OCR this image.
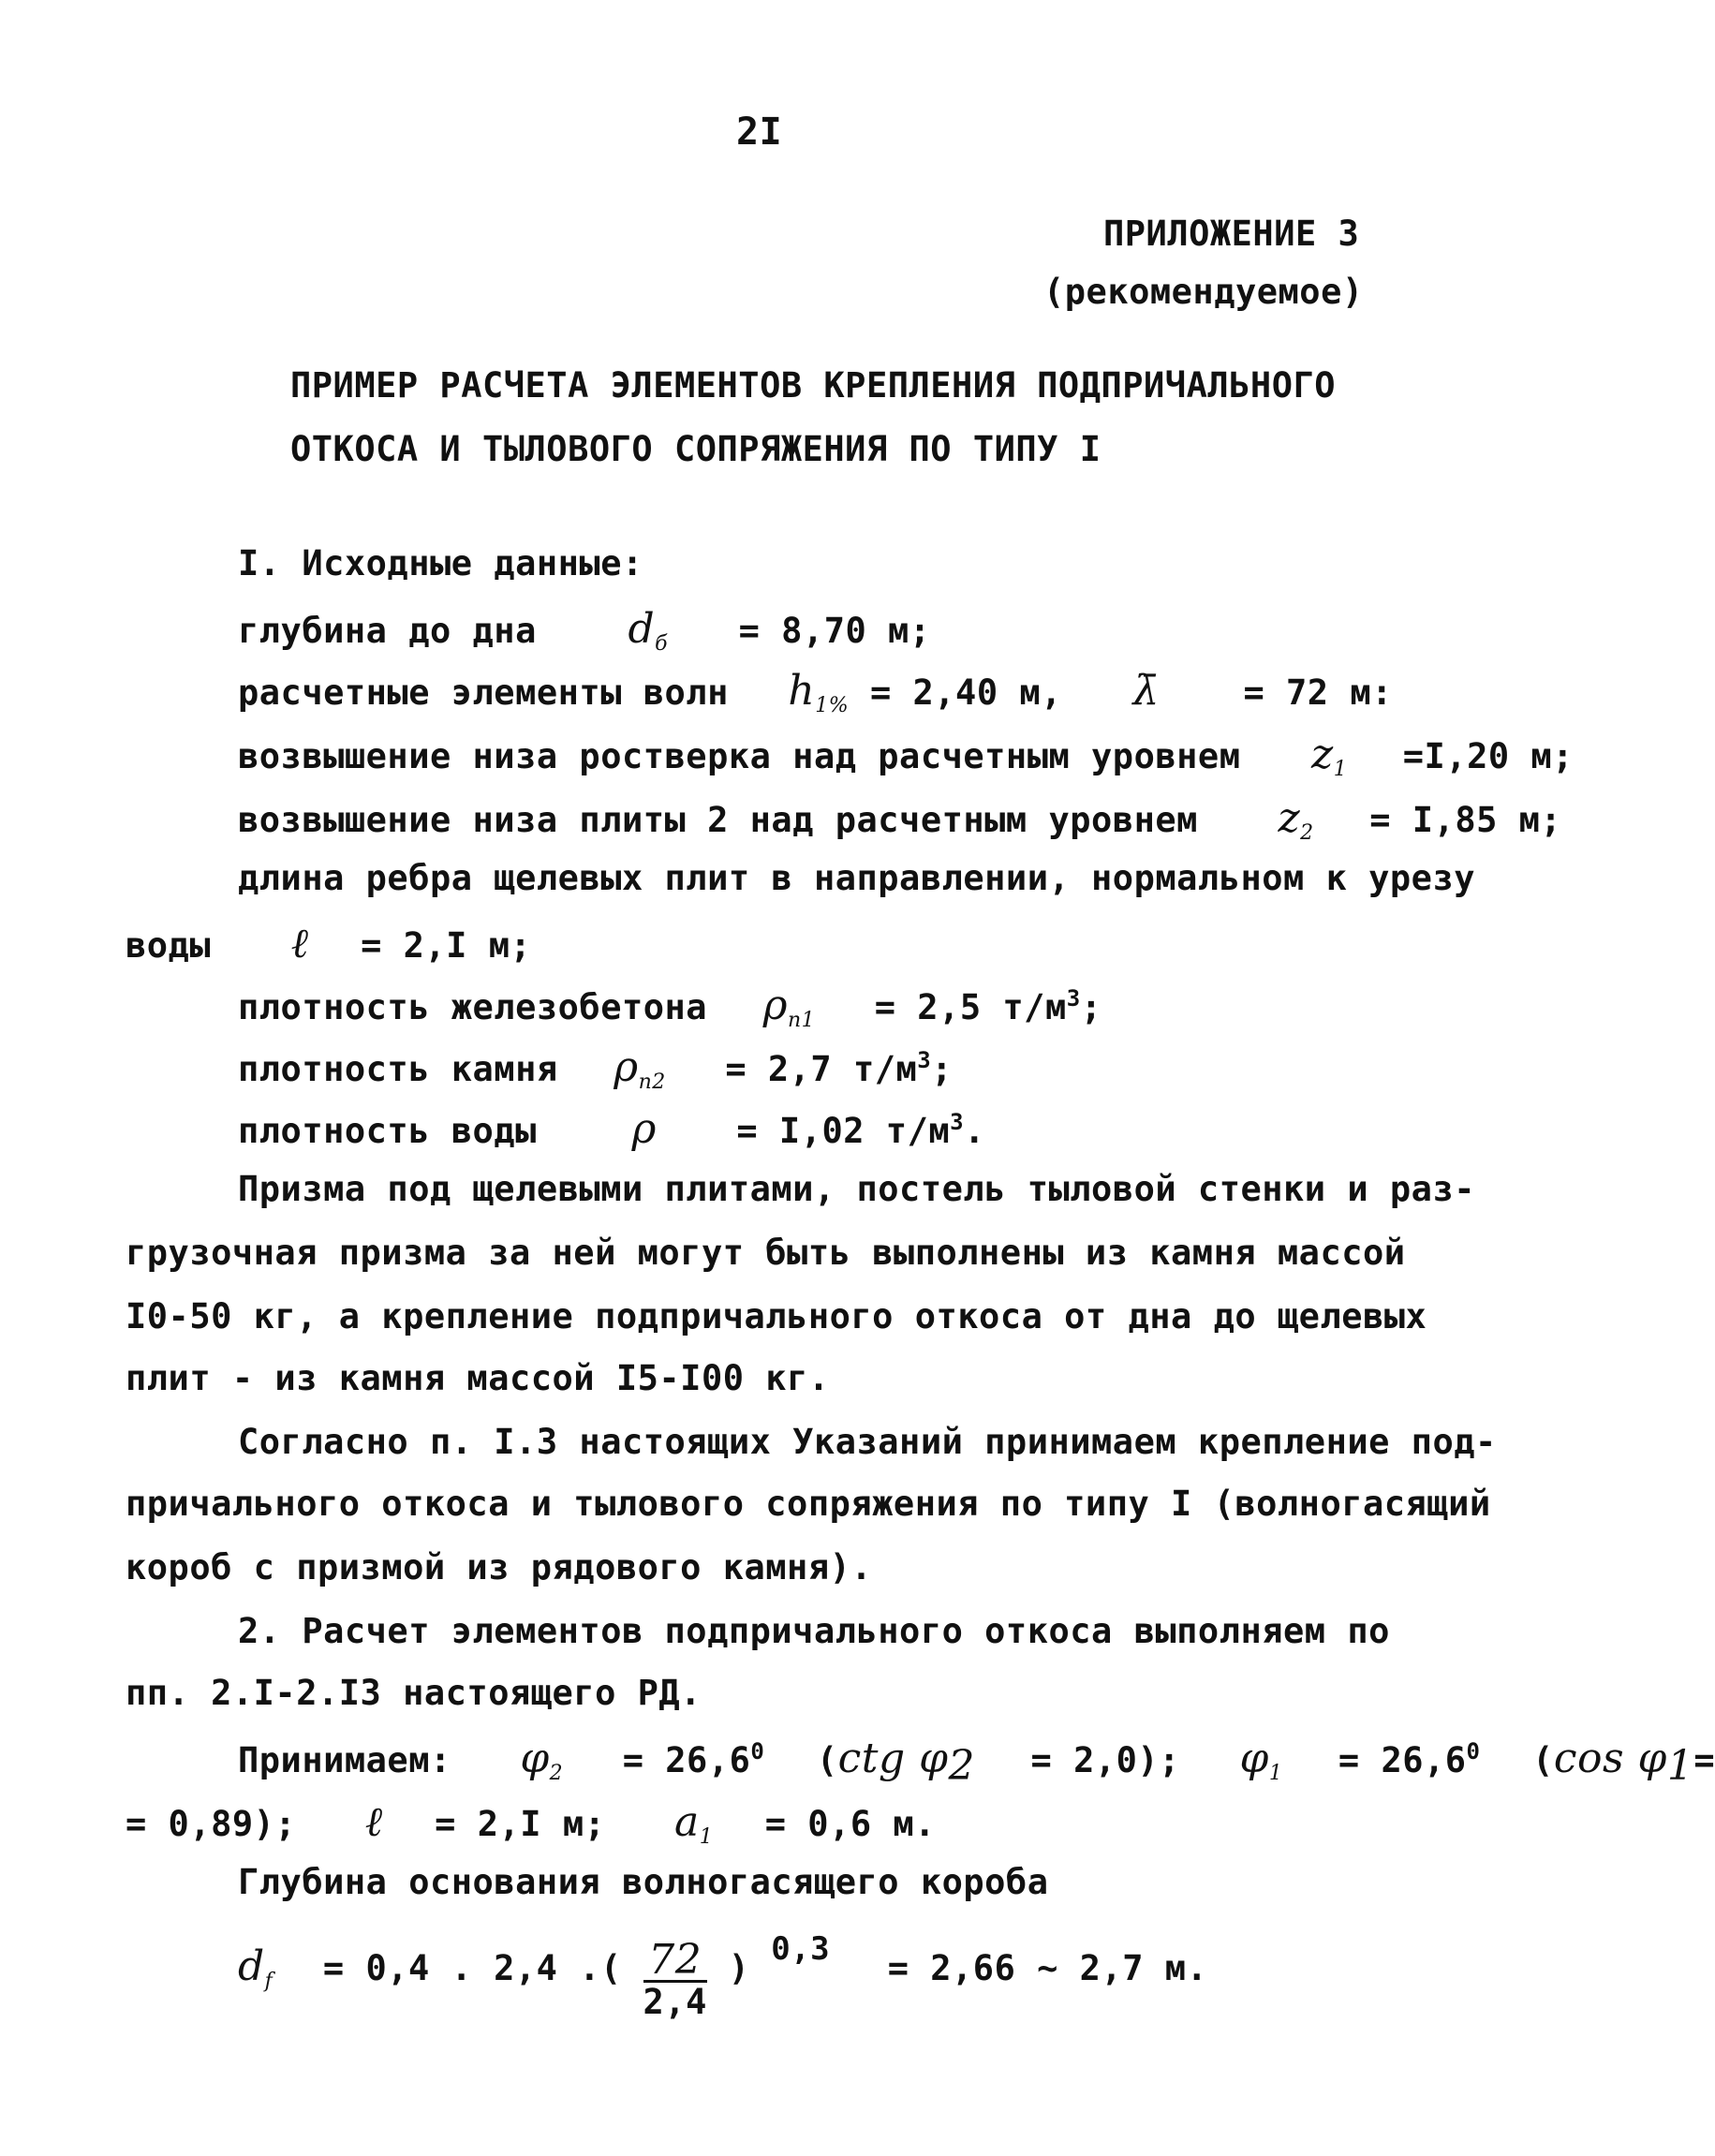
2I
ПРИЛОЖЕНИЕ 3
(рекомендуемое)
ПРИМЕР РАСЧЕТА ЭЛЕМЕНТОВ КРЕПЛЕНИЯ ПОДПРИЧАЛЬНОГО
ОТКОСА И ТЫЛОВОГО СОПРЯЖЕНИЯ ПО ТИПУ I
I. Исходные данные:
глубина до дна $d_б = 8,70$ м;
расчетные элементы волн $h_{1\%} = 2,40$ м, λ̄ = 72 м:
возвышение низа ростверка над расчетным уровнем $z_1 =I,20$ м;
возвышение низа плиты 2 над расчетным уровнем $z_2 = I,85$ м;
длина ребра щелевых плит в направлении, нормальном к урезу
воды ℓ = 2,I м;
плотность железобетона $\rho_{n1} = 2,5$ $т/м^3$;
плотность камня $\rho_{n2} = 2,7$ $т/м^3$;
плотность воды ρ = I,02 $т/м^3$.
Призма под щелевыми плитами, постель тыловой стенки и раз-
грузочная призма за ней могут быть выполнены из камня массой
I0-50 кг, а крепление подпричального откоса от дна до щелевых
плит - из камня массой I5-I00 кг.
Согласно п. I.3 настоящих Указаний принимаем крепление под-
причального откоса и тылового сопряжения по типу I (волногасящий
короб с призмой из рядового камня).
2. Расчет элементов подпричального откоса выполняем по
пп. 2.I-2.I3 настоящего РД.
Принимаем: $\varphi_2 = 26,6^0$ (ctg $\varphi_2 = 2,0$); $\varphi_1 = 26,6^0$ (cos $\varphi_1=$
= 0,89); ℓ = 2,I м; $a_1 = 0,6$ м.
Глубина основания волногасящего короба
$d_f = 0,4$ . 2,4 .( $\frac{72}{2,4}$ ) $^{0,3}$ = 2,66 ~ 2,7 м.
